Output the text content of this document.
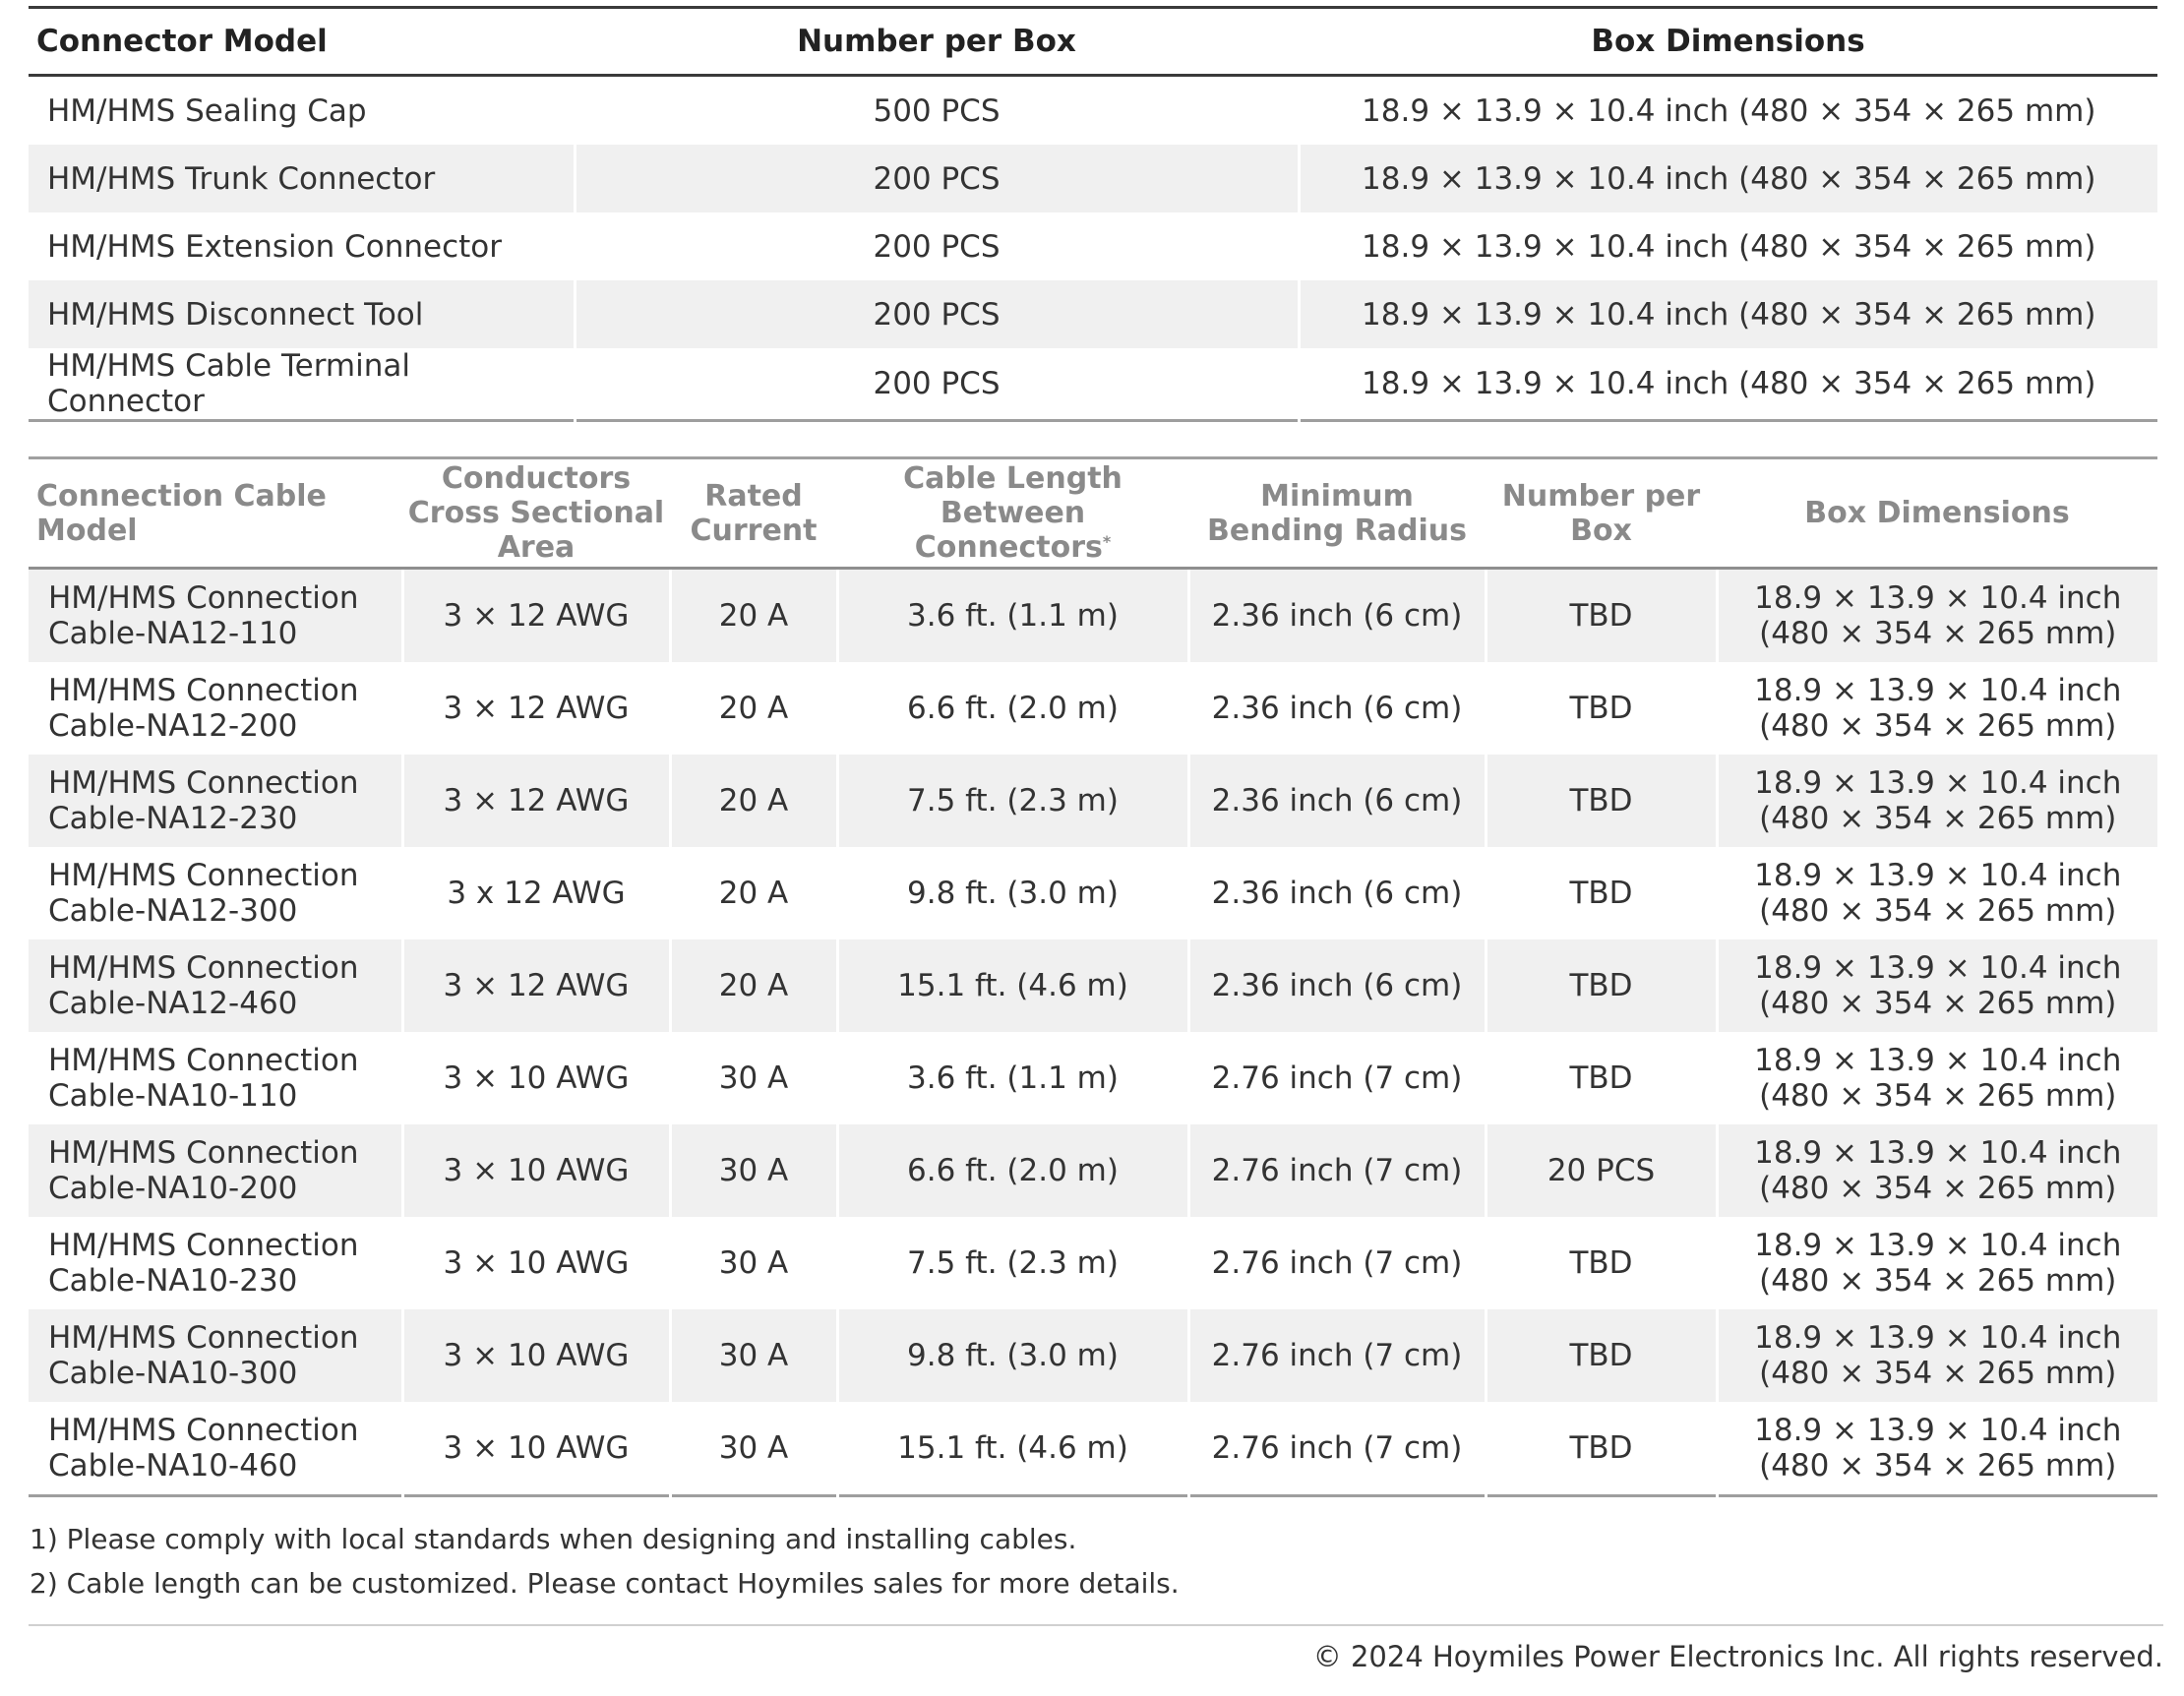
Connector Model	Number per Box	Box Dimensions
HM/HMS Sealing Cap	500 PCS	18.9 × 13.9 × 10.4 inch (480 × 354 × 265 mm)
HM/HMS Trunk Connector	200 PCS	18.9 × 13.9 × 10.4 inch (480 × 354 × 265 mm)
HM/HMS Extension Connector	200 PCS	18.9 × 13.9 × 10.4 inch (480 × 354 × 265 mm)
HM/HMS Disconnect Tool	200 PCS	18.9 × 13.9 × 10.4 inch (480 × 354 × 265 mm)
HM/HMS Cable Terminal Connector	200 PCS	18.9 × 13.9 × 10.4 inch (480 × 354 × 265 mm)
Connection Cable Model	Conductors Cross Sectional Area	Rated Current	Cable Length Between Connectors*	Minimum Bending Radius	Number per Box	Box Dimensions

HM/HMS Connection
Cable-NA12-110	3 × 12 AWG	20 A	3.6 ft. (1.1 m)	2.36 inch (6 cm)	TBD	18.9 × 13.9 × 10.4 inch
(480 × 354 × 265 mm)

HM/HMS Connection
Cable-NA12-200	3 × 12 AWG	20 A	6.6 ft. (2.0 m)	2.36 inch (6 cm)	TBD	18.9 × 13.9 × 10.4 inch
(480 × 354 × 265 mm)

HM/HMS Connection
Cable-NA12-230	3 × 12 AWG	20 A	7.5 ft. (2.3 m)	2.36 inch (6 cm)	TBD	18.9 × 13.9 × 10.4 inch
(480 × 354 × 265 mm)

HM/HMS Connection
Cable-NA12-300	3 x 12 AWG	20 A	9.8 ft. (3.0 m)	2.36 inch (6 cm)	TBD	18.9 × 13.9 × 10.4 inch
(480 × 354 × 265 mm)

HM/HMS Connection
Cable-NA12-460	3 × 12 AWG	20 A	15.1 ft. (4.6 m)	2.36 inch (6 cm)	TBD	18.9 × 13.9 × 10.4 inch
(480 × 354 × 265 mm)

HM/HMS Connection
Cable-NA10-110	3 × 10 AWG	30 A	3.6 ft. (1.1 m)	2.76 inch (7 cm)	TBD	18.9 × 13.9 × 10.4 inch
(480 × 354 × 265 mm)

HM/HMS Connection
Cable-NA10-200	3 × 10 AWG	30 A	6.6 ft. (2.0 m)	2.76 inch (7 cm)	20 PCS	18.9 × 13.9 × 10.4 inch
(480 × 354 × 265 mm)

HM/HMS Connection
Cable-NA10-230	3 × 10 AWG	30 A	7.5 ft. (2.3 m)	2.76 inch (7 cm)	TBD	18.9 × 13.9 × 10.4 inch
(480 × 354 × 265 mm)

HM/HMS Connection
Cable-NA10-300	3 × 10 AWG	30 A	9.8 ft. (3.0 m)	2.76 inch (7 cm)	TBD	18.9 × 13.9 × 10.4 inch
(480 × 354 × 265 mm)

HM/HMS Connection
Cable-NA10-460	3 × 10 AWG	30 A	15.1 ft. (4.6 m)	2.76 inch (7 cm)	TBD	18.9 × 13.9 × 10.4 inch
(480 × 354 × 265 mm)
1) Please comply with local standards when designing and installing cables.
2) Cable length can be customized. Please contact Hoymiles sales for more details.
© 2024 Hoymiles Power Electronics Inc. All rights reserved.
